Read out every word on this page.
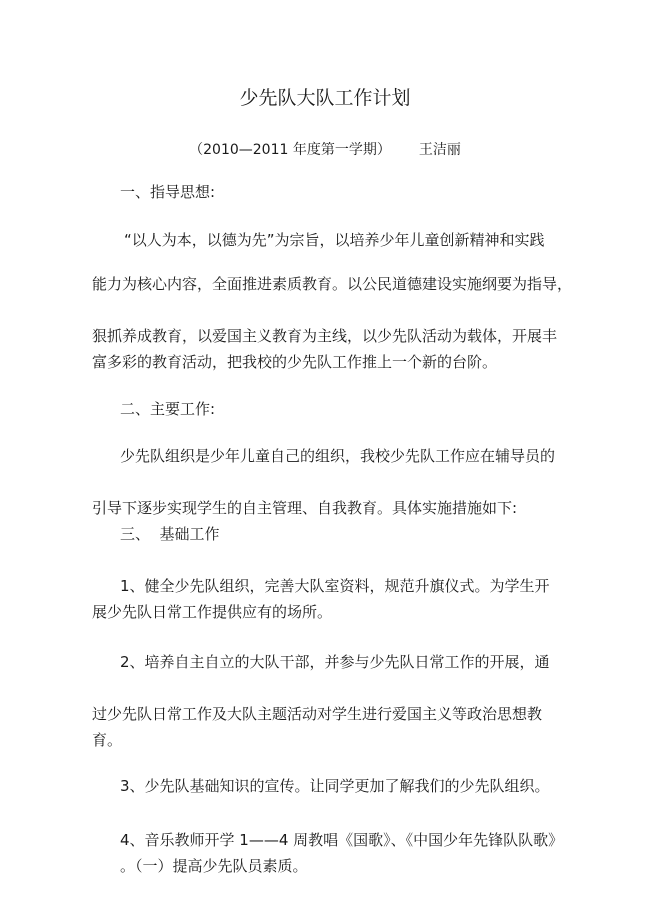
少先队大队工作计划
（2010—2011 年度第一学期） 王洁丽
一、指导思想:
“以人为本，以德为先”为宗旨，以培养少年儿童创新精神和实践
能力为核心内容，全面推进素质教育。以公民道德建设实施纲要为指导，
狠抓养成教育，以爱国主义教育为主线，以少先队活动为载体，开展丰
富多彩的教育活动，把我校的少先队工作推上一个新的台阶。
二、主要工作:
少先队组织是少年儿童自己的组织，我校少先队工作应在辅导员的
引导下逐步实现学生的自主管理、自我教育。具体实施措施如下:
三、  基础工作
1、健全少先队组织，完善大队室资料，规范升旗仪式。为学生开
展少先队日常工作提供应有的场所。
2、培养自主自立的大队干部，并参与少先队日常工作的开展，通
过少先队日常工作及大队主题活动对学生进行爱国主义等政治思想教
育。
3、少先队基础知识的宣传。让同学更加了解我们的少先队组织。
4、音乐教师开学 1——4 周教唱《国歌》、《中国少年先锋队队歌》
。（一）提高少先队员素质。
